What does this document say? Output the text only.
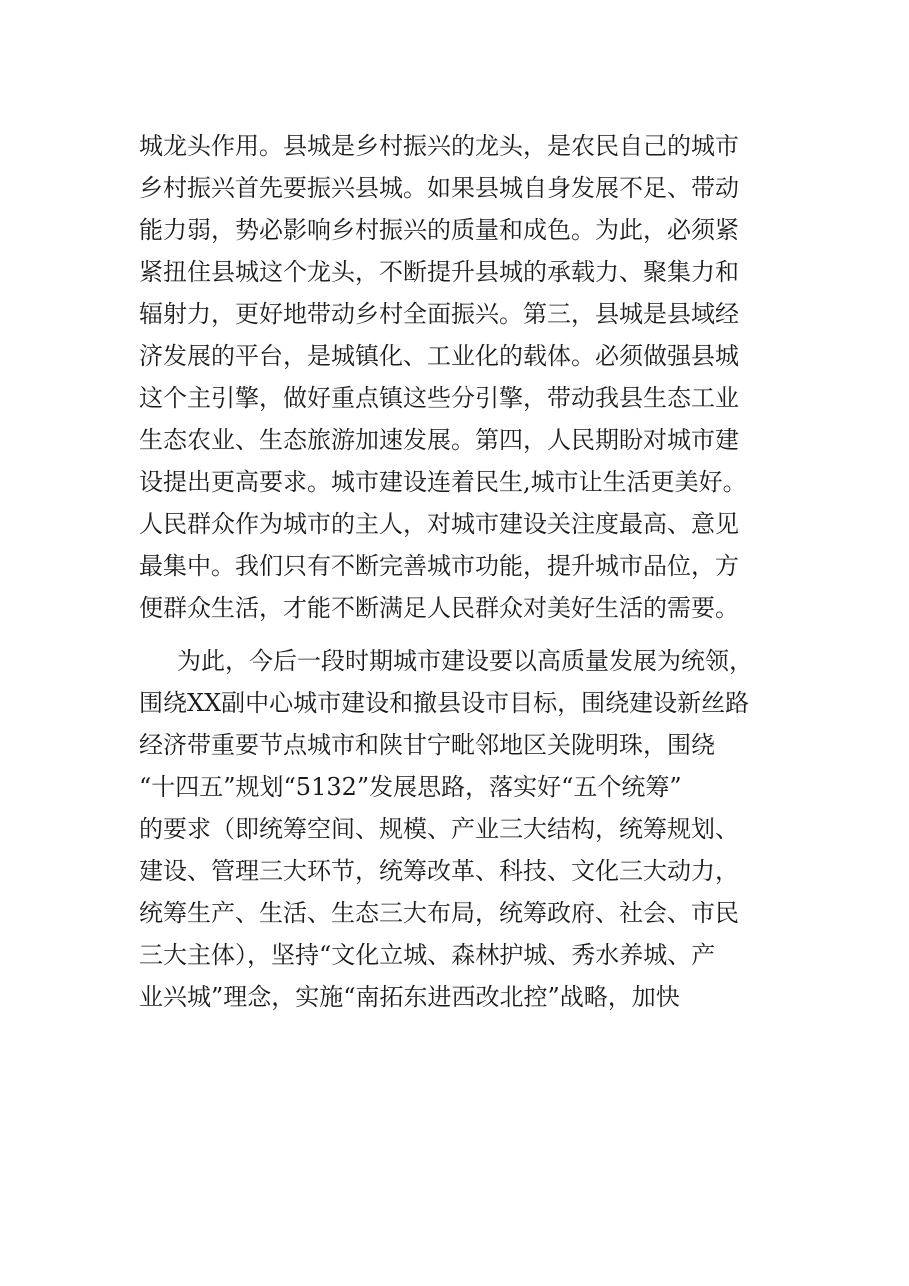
城龙头作用。县城是乡村振兴的龙头，是农民自己的城市
乡村振兴首先要振兴县城。如果县城自身发展不足、带动
能力弱，势必影响乡村振兴的质量和成色。为此，必须紧
紧扭住县城这个龙头，不断提升县城的承载力、聚集力和
辐射力，更好地带动乡村全面振兴。第三，县城是县域经
济发展的平台，是城镇化、工业化的载体。必须做强县城
这个主引擎，做好重点镇这些分引擎，带动我县生态工业
生态农业、生态旅游加速发展。第四，人民期盼对城市建
设提出更高要求。城市建设连着民生,城市让生活更美好。
人民群众作为城市的主人，对城市建设关注度最高、意见
最集中。我们只有不断完善城市功能，提升城市品位，方
便群众生活，才能不断满足人民群众对美好生活的需要。
为此，今后一段时期城市建设要以高质量发展为统领，
围绕XX副中心城市建设和撤县设市目标，围绕建设新丝路
经济带重要节点城市和陕甘宁毗邻地区关陇明珠，围绕
“十四五”规划“5132”发展思路，落实好“五个统筹”
的要求（即统筹空间、规模、产业三大结构，统筹规划、
建设、管理三大环节，统筹改革、科技、文化三大动力，
统筹生产、生活、生态三大布局，统筹政府、社会、市民
三大主体），坚持“文化立城、森林护城、秀水养城、产
业兴城”理念，实施“南拓东进西改北控”战略，加快
